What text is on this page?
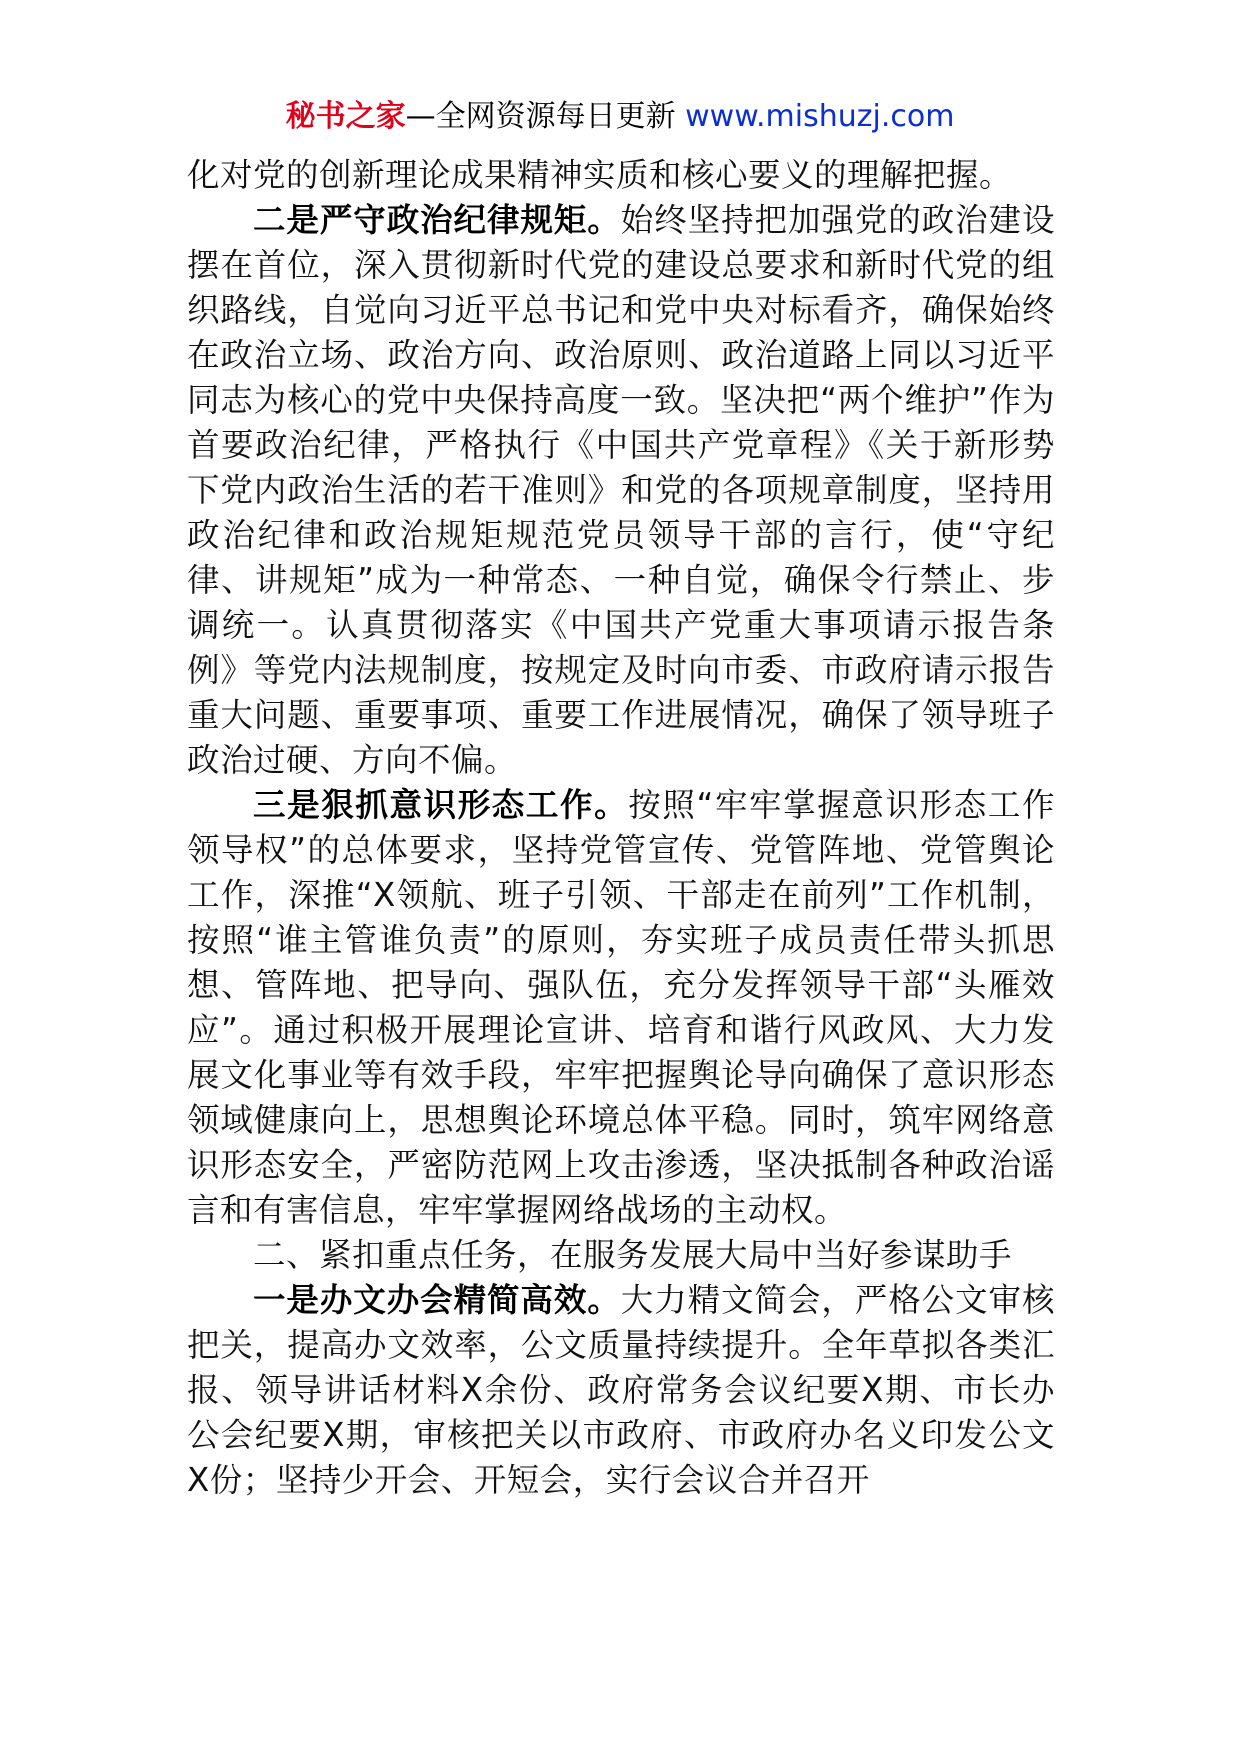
秘书之家—全网资源每日更新 www.mishuzj.com

化对党的创新理论成果精神实质和核心要义的理解把握。

二是严守政治纪律规矩。始终坚持把加强党的政治建设摆在首位，深入贯彻新时代党的建设总要求和新时代党的组织路线，自觉向习近平总书记和党中央对标看齐，确保始终在政治立场、政治方向、政治原则、政治道路上同以习近平同志为核心的党中央保持高度一致。坚决把“两个维护”作为首要政治纪律，严格执行《中国共产党章程》《关于新形势下党内政治生活的若干准则》和党的各项规章制度，坚持用政治纪律和政治规矩规范党员领导干部的言行，使“守纪律、讲规矩”成为一种常态、一种自觉，确保令行禁止、步调统一。认真贯彻落实《中国共产党重大事项请示报告条例》等党内法规制度，按规定及时向市委、市政府请示报告重大问题、重要事项、重要工作进展情况，确保了领导班子政治过硬、方向不偏。

三是狠抓意识形态工作。按照“牢牢掌握意识形态工作领导权”的总体要求，坚持党管宣传、党管阵地、党管舆论工作，深推“X领航、班子引领、干部走在前列”工作机制，按照“谁主管谁负责”的原则，夯实班子成员责任带头抓思想、管阵地、把导向、强队伍，充分发挥领导干部“头雁效应”。通过积极开展理论宣讲、培育和谐行风政风、大力发展文化事业等有效手段，牢牢把握舆论导向确保了意识形态领域健康向上，思想舆论环境总体平稳。同时，筑牢网络意识形态安全，严密防范网上攻击渗透，坚决抵制各种政治谣言和有害信息，牢牢掌握网络战场的主动权。

二、紧扣重点任务，在服务发展大局中当好参谋助手

一是办文办会精简高效。大力精文简会，严格公文审核把关，提高办文效率，公文质量持续提升。全年草拟各类汇报、领导讲话材料X余份、政府常务会议纪要X期、市长办公会纪要X期，审核把关以市政府、市政府办名义印发公文X份；坚持少开会、开短会，实行会议合并召开
